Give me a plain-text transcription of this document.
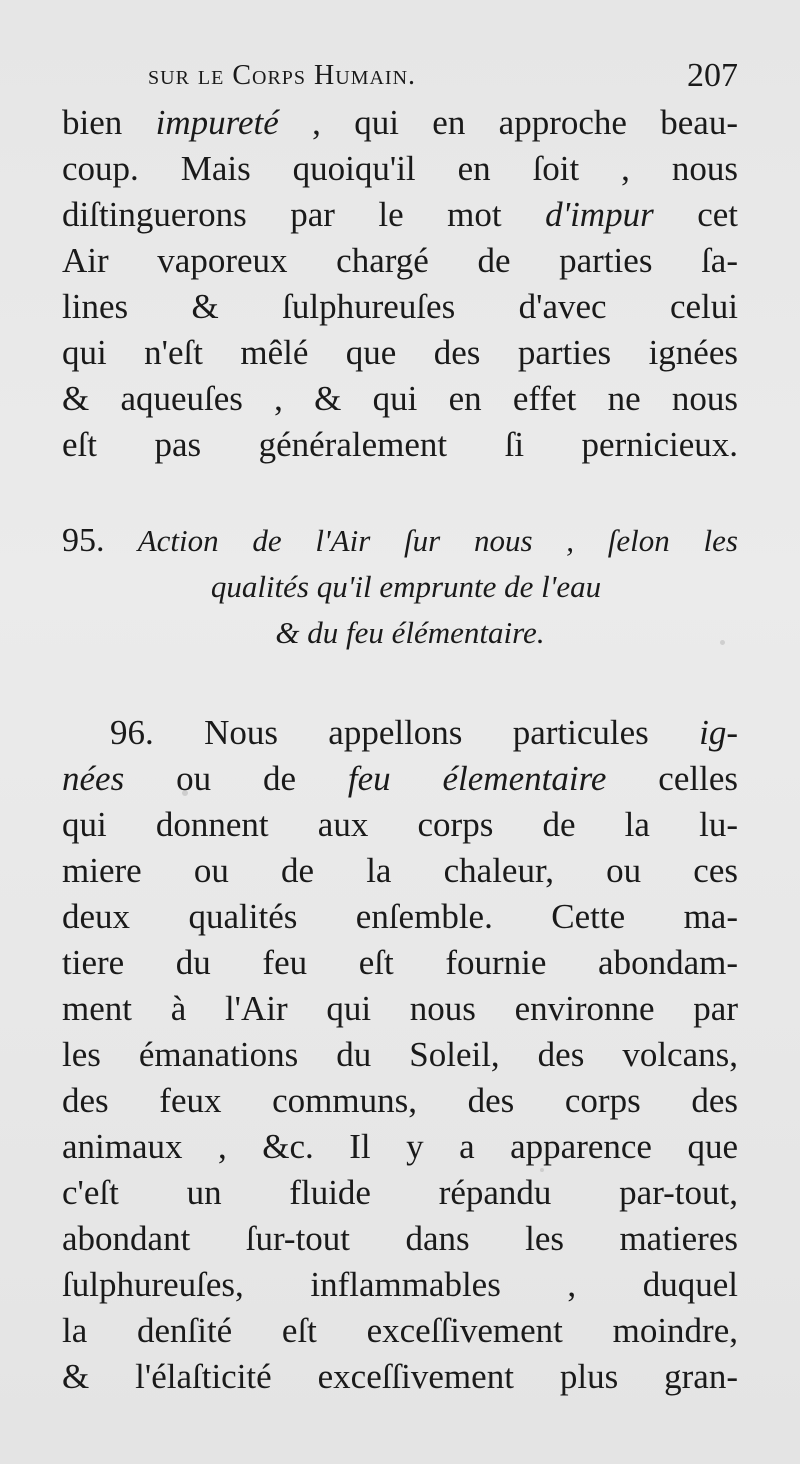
sur le Corps Humain.	207
bien impureté , qui en approche beau-
coup. Mais quoiqu'il en ſoit , nous
diſtinguerons par le mot d'impur cet
Air vaporeux chargé de parties ſa-
lines & ſulphureuſes d'avec celui
qui n'eſt mêlé que des parties ignées
& aqueuſes , & qui en effet ne nous
eſt pas généralement ſi pernicieux.
95. Action de l'Air ſur nous , ſelon les
qualités qu'il emprunte de l'eau
& du feu élémentaire.
96. Nous appellons particules ig-
nées ou de feu élementaire celles
qui donnent aux corps de la lu-
miere ou de la chaleur, ou ces
deux qualités enſemble. Cette ma-
tiere du feu eſt fournie abondam-
ment à l'Air qui nous environne par
les émanations du Soleil, des volcans,
des feux communs, des corps des
animaux , &c. Il y a apparence que
c'eſt un fluide répandu par-tout,
abondant ſur-tout dans les matieres
ſulphureuſes, inflammables , duquel
la denſité eſt exceſſivement moindre,
& l'élaſticité exceſſivement plus gran-
